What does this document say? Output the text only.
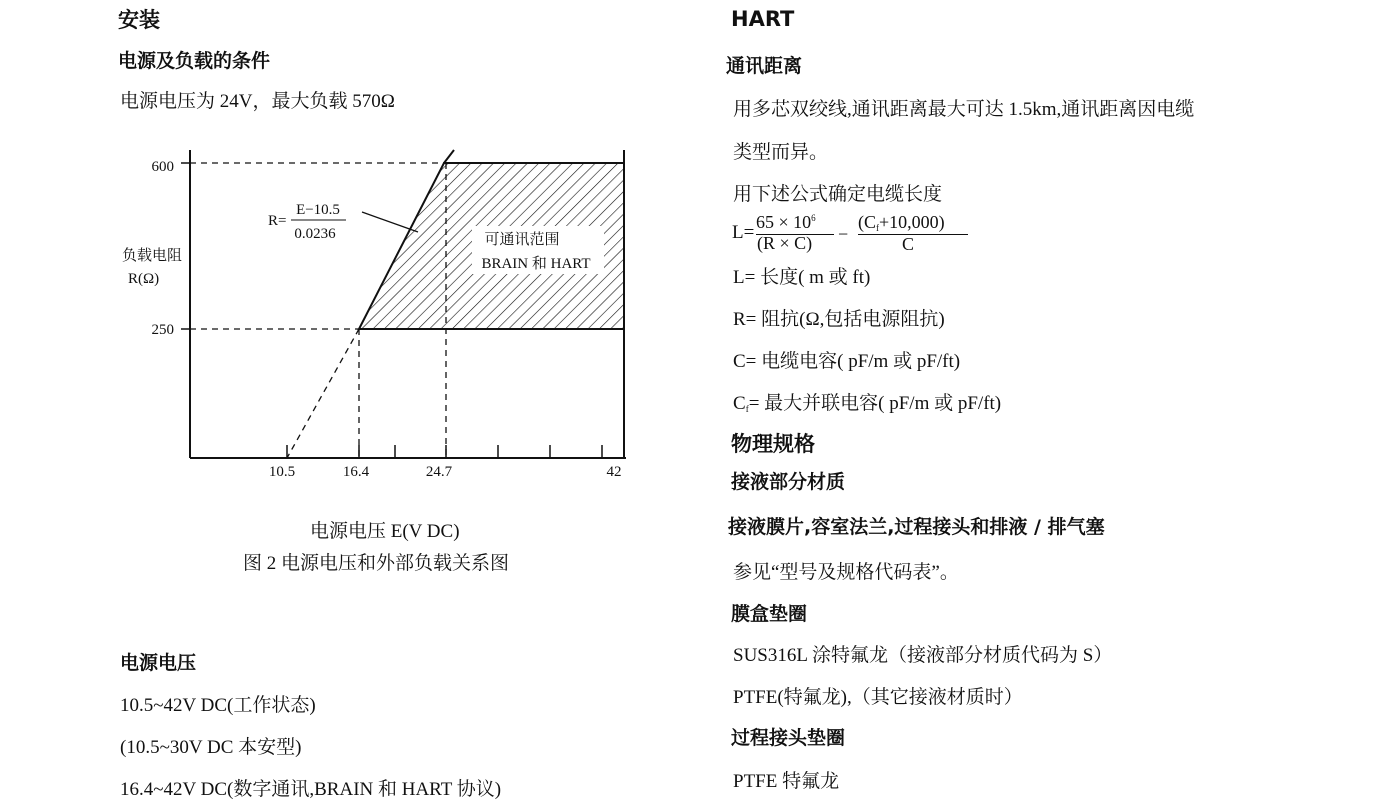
安装
电源及负载的条件
电源电压为 24V，最大负载 570Ω
600
250
负载电阻
R(Ω)
R=
E−10.5
0.0236	可通讯范围
BRAIN 和 HART
10.5	16.4	24.7	42
电源电压 E(V DC)
图 2 电源电压和外部负载关系图
电源电压
10.5~42V DC(工作状态)
(10.5~30V DC 本安型)
16.4~42V DC(数字通讯,BRAIN 和 HART 协议)
HART
通讯距离
用多芯双绞线,通讯距离最大可达 1.5km,通讯距离因电缆
类型而异。
用下述公式确定电缆长度
$L= 65 \times 10^6$
(R × C) −
$(C_f+10,000)$
C
L= 长度( m 或 ft)
R= 阻抗(Ω,包括电源阻抗)
C= 电缆电容( pF/m 或 pF/ft)
$C_f=$ 最大并联电容( pF/m 或 pF/ft)
物理规格
接液部分材质
接液膜片,容室法兰,过程接头和排液 / 排气塞
参见“型号及规格代码表”。
膜盒垫圈
SUS316L 涂特氟龙（接液部分材质代码为 S）
PTFE(特氟龙),（其它接液材质时）
过程接头垫圈
PTFE 特氟龙
